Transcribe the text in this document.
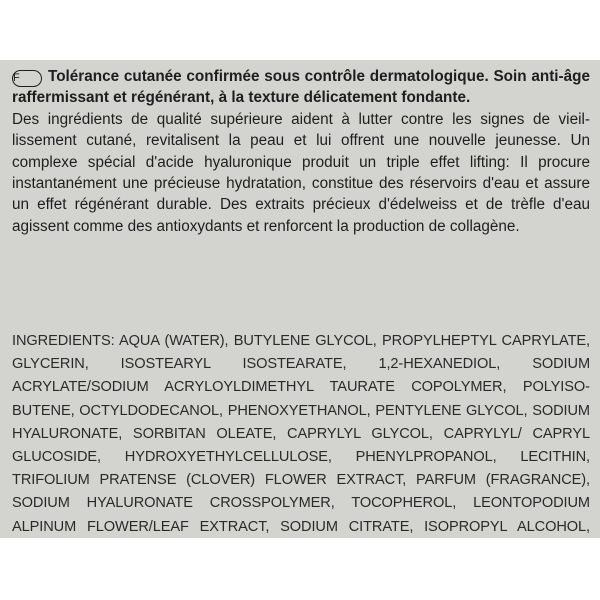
F Tolérance cutanée confirmée sous contrôle dermatologique. Soin anti-âge raffermissant et régénérant, à la texture délicatement fondante.
Des ingrédients de qualité supérieure aident à lutter contre les signes de vieillissement cutané, revitalisent la peau et lui offrent une nouvelle jeunesse. Un complexe spécial d'acide hyaluronique produit un triple effet lifting: Il procure instantanément une précieuse hydratation, constitue des réservoirs d'eau et assure un effet régénérant durable. Des extraits précieux d'édelweiss et de trèfle d'eau agissent comme des antioxydants et renforcent la production de collagène.
INGREDIENTS: AQUA (WATER), BUTYLENE GLYCOL, PROPYLHEPTYL CAPRYLATE, GLYCERIN, ISOSTEARYL ISOSTEARATE, 1,2-HEXANEDIOL, SODIUM ACRYLATE/SODIUM ACRYLOYLDIMETHYL TAURATE COPOLYMER, POLYISOBUTENE, OCTYLDODECANOL, PHENOXYETHANOL, PENTYLENE GLYCOL, SODIUM HYALURONATE, SORBITAN OLEATE, CAPRYLYL GLYCOL, CAPRYLYL/ CAPRYL GLUCOSIDE, HYDROXYETHYLCELLULOSE, PHENYLPROPANOL, LECITHIN, TRIFOLIUM PRATENSE (CLOVER) FLOWER EXTRACT, PARFUM (FRAGRANCE), SODIUM HYALURONATE CROSSPOLYMER, TOCOPHEROL, LEONTOPODIUM ALPINUM FLOWER/LEAF EXTRACT, SODIUM CITRATE, ISOPROPYL ALCOHOL,
